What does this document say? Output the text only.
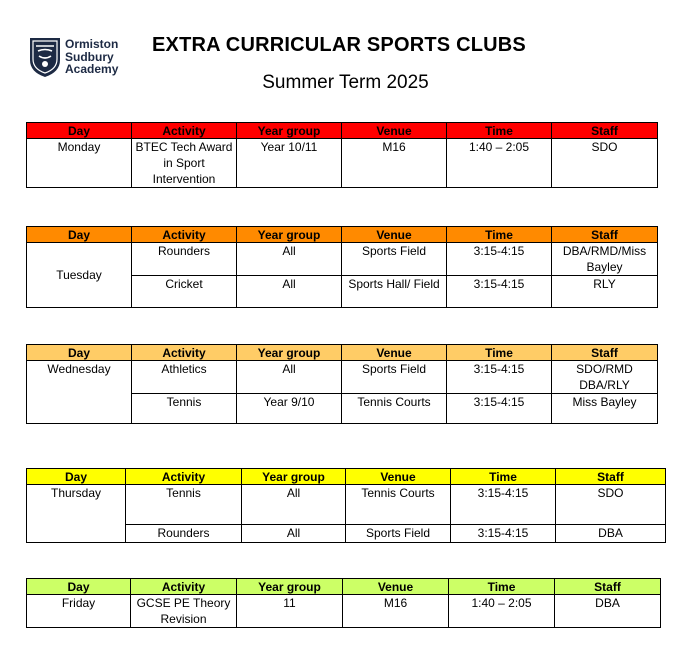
Ormiston
Sudbury
Academy
EXTRA CURRICULAR SPORTS CLUBS
Summer Term 2025
Day	Activity	Year group	Venue	Time	Staff
Monday	BTEC Tech Award in Sport Intervention	Year 10/11	M16	1:40 – 2:05	SDO
Day	Activity	Year group	Venue	Time	Staff
Tuesday	Rounders	All	Sports Field	3:15-4:15	DBA/RMD/Miss Bayley
	Cricket	All	Sports Hall/ Field	3:15-4:15	RLY
Day	Activity	Year group	Venue	Time	Staff
Wednesday	Athletics	All	Sports Field	3:15-4:15	SDO/RMD DBA/RLY
	Tennis	Year 9/10	Tennis Courts	3:15-4:15	Miss Bayley
Day	Activity	Year group	Venue	Time	Staff
Thursday	Tennis	All	Tennis Courts	3:15-4:15	SDO
	Rounders	All	Sports Field	3:15-4:15	DBA
Day	Activity	Year group	Venue	Time	Staff
Friday	GCSE PE Theory Revision	11	M16	1:40 – 2:05	DBA
